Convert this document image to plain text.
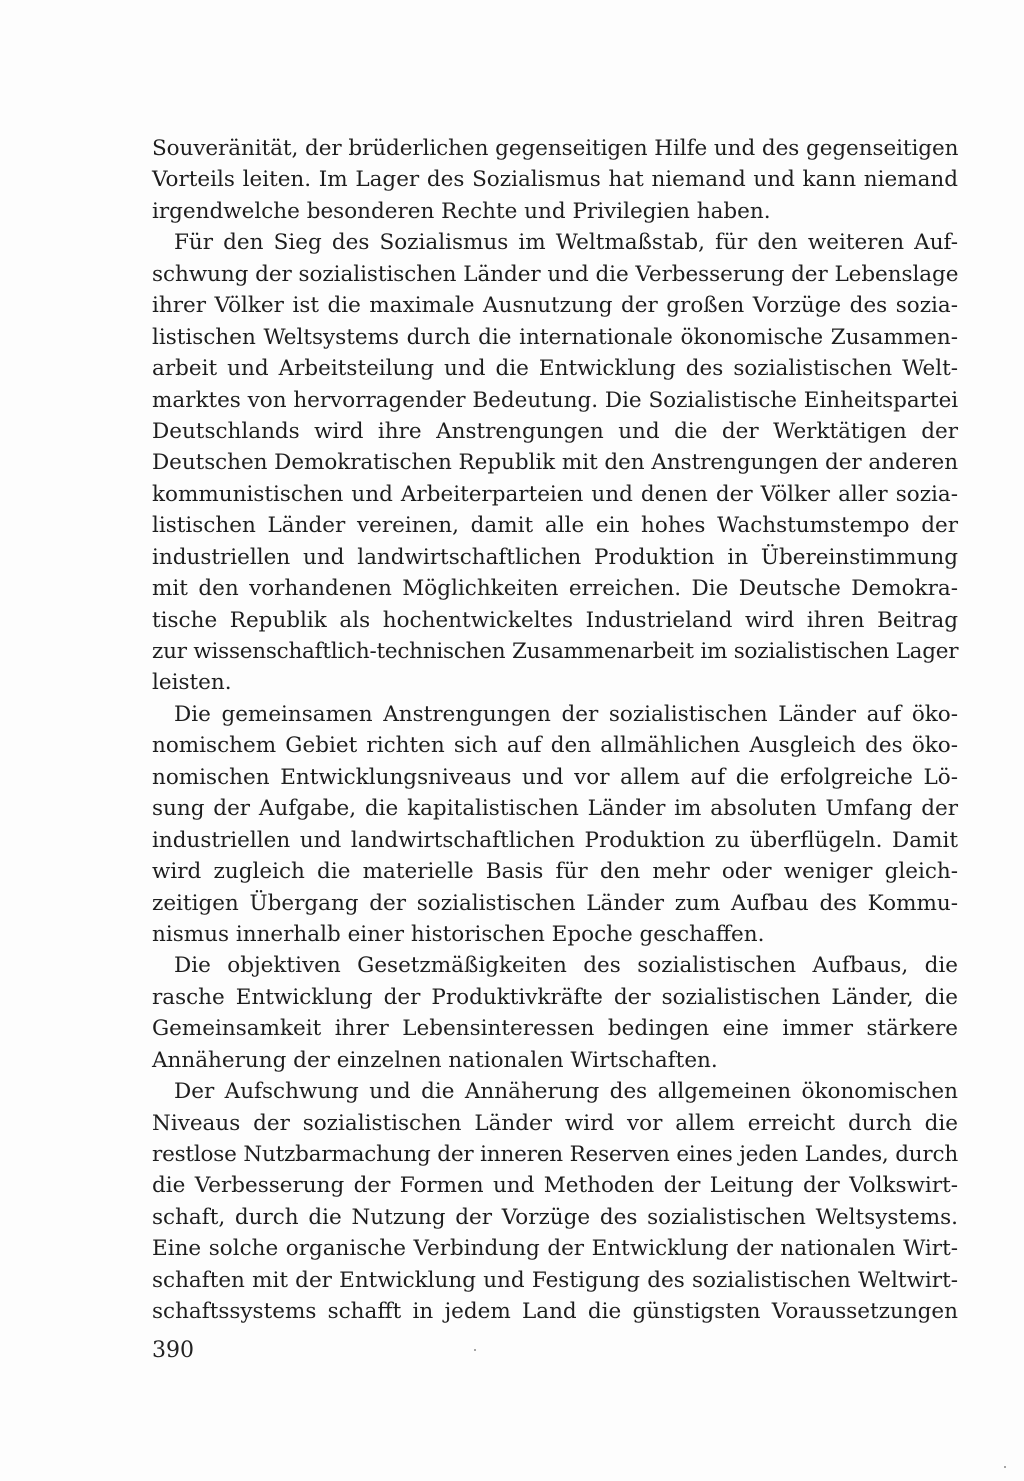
Souveränität, der brüderlichen gegenseitigen Hilfe und des gegenseitigen
Vorteils leiten. Im Lager des Sozialismus hat niemand und kann niemand
irgendwelche besonderen Rechte und Privilegien haben.
Für den Sieg des Sozialismus im Weltmaßstab, für den weiteren Auf-
schwung der sozialistischen Länder und die Verbesserung der Lebenslage
ihrer Völker ist die maximale Ausnutzung der großen Vorzüge des sozia-
listischen Weltsystems durch die internationale ökonomische Zusammen-
arbeit und Arbeitsteilung und die Entwicklung des sozialistischen Welt-
marktes von hervorragender Bedeutung. Die Sozialistische Einheitspartei
Deutschlands wird ihre Anstrengungen und die der Werktätigen der
Deutschen Demokratischen Republik mit den Anstrengungen der anderen
kommunistischen und Arbeiterparteien und denen der Völker aller sozia-
listischen Länder vereinen, damit alle ein hohes Wachstumstempo der
industriellen und landwirtschaftlichen Produktion in Übereinstimmung
mit den vorhandenen Möglichkeiten erreichen. Die Deutsche Demokra-
tische Republik als hochentwickeltes Industrieland wird ihren Beitrag
zur wissenschaftlich-technischen Zusammenarbeit im sozialistischen Lager
leisten.
Die gemeinsamen Anstrengungen der sozialistischen Länder auf öko-
nomischem Gebiet richten sich auf den allmählichen Ausgleich des öko-
nomischen Entwicklungsniveaus und vor allem auf die erfolgreiche Lö-
sung der Aufgabe, die kapitalistischen Länder im absoluten Umfang der
industriellen und landwirtschaftlichen Produktion zu überflügeln. Damit
wird zugleich die materielle Basis für den mehr oder weniger gleich-
zeitigen Übergang der sozialistischen Länder zum Aufbau des Kommu-
nismus innerhalb einer historischen Epoche geschaffen.
Die objektiven Gesetzmäßigkeiten des sozialistischen Aufbaus, die
rasche Entwicklung der Produktivkräfte der sozialistischen Länder, die
Gemeinsamkeit ihrer Lebensinteressen bedingen eine immer stärkere
Annäherung der einzelnen nationalen Wirtschaften.
Der Aufschwung und die Annäherung des allgemeinen ökonomischen
Niveaus der sozialistischen Länder wird vor allem erreicht durch die
restlose Nutzbarmachung der inneren Reserven eines jeden Landes, durch
die Verbesserung der Formen und Methoden der Leitung der Volkswirt-
schaft, durch die Nutzung der Vorzüge des sozialistischen Weltsystems.
Eine solche organische Verbindung der Entwicklung der nationalen Wirt-
schaften mit der Entwicklung und Festigung des sozialistischen Weltwirt-
schaftssystems schafft in jedem Land die günstigsten Voraussetzungen
390
